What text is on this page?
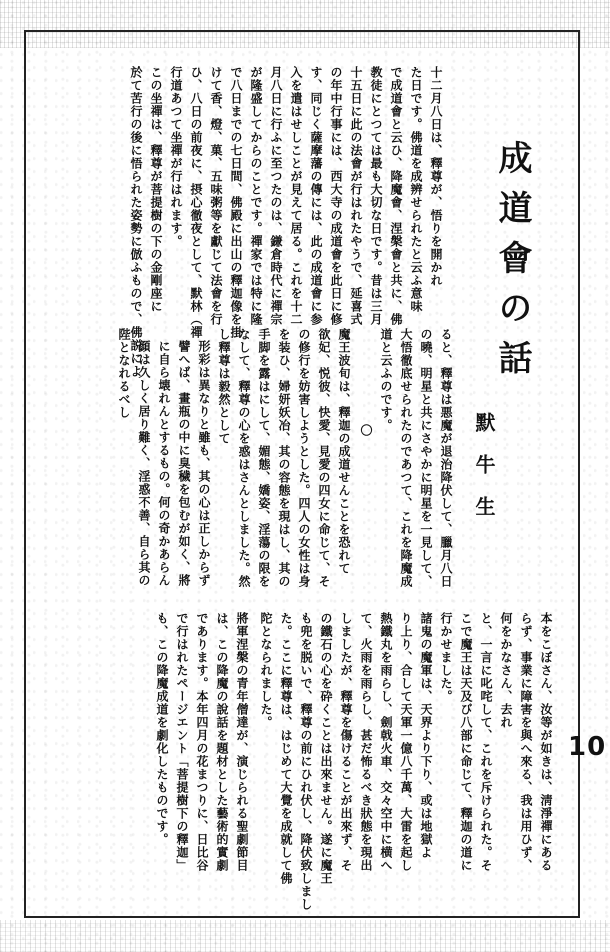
成道會の話
默牛生
10
十二月八日は、釋尊が、悟りを開かれ
た日です。佛道を成辨せられたと云ふ意味
で成道會と云ひ、降魔會、涅槃會と共に、佛
教徒にとつては最も大切な日です。昔は三月
十五日に此の法會が行はれたやうで、延喜式
の年中行事には、西大寺の成道會を此日に修
す、同じく薩摩藩の傳には、此の成道會に参
入を遣はせしことが見えて居る。これを十二
月八日に行ふに至つたのは、鎌倉時代に禪宗
が隆盛してからのことです。禪家では特に隆
で八日までの七日間、佛殿に出山の釋迦像を掛
けて香、燈、菓、五味粥等を獻じて法會を行
ひ、八日の前夜に、摂心徹夜として、默林（禪
行道あつて坐禪が行はれます。
この坐禪は、釋尊が菩提樹の下の金剛座に
於て苦行の後に悟られた姿勢に倣ふもので、佛説によ
ると、釋尊は悪魔が退治降伏して、臘月八日
の曉、明星と共にさやかに明星を一見して、
大悟徹底せられたのであつて、これを降魔成
道と云ふのです。
〇
魔王波旬は、釋迦の成道せんことを恐れて
欲妃、悦彼、快愛、見愛の四女に命じて、そ
の修行を妨害しようとした。四人の女性は身
を装ひ、婦妍妖冶、其の容態を現はし、其の
手脚を露はにして、媚態、嬌姿、淫蕩の限を
なして、釋尊の心を惑はさんとしました。然
し釋尊は毅然として
形彩は異なりと雖も、其の心は正しからず
譬へば、畫瓶の中に臭穢を包むが如く、將
に自ら壊れんとするもの。何の奇かあらん
顔は久しく居り難く、淫惑不善、自ら其の
陛となれるべし
本をこぼさん、汝等が如きは、淸淨禪にある
らず、事業に障害を與へ來る、我は用ひず、
何をかなさん、去れ
と、一言に叱咤して、これを斥けられた。そ
こで魔王は天及び八部に命じて、釋迦の道に
行かせました。
諸鬼の魔軍は、天界より下り、或は地獄よ
り上り、合して天軍一億八千萬、大雷を起し
熱鐵丸を雨らし、劍戟火車、交々空中に横へ
て、火雨を雨らし、甚だ怖るべき狀態を現出
しましたが、釋尊を傷けることが出來ず、そ
の鐵石の心を砕くことは出來ません。遂に魔王
も兜を脱いで、釋尊の前にひれ伏し、降伏致しまし
た。ここに釋尊は、はじめて大覺を成就して佛
陀となられました。
將軍涅槃の青年僧達が、演じられる聖劇節目
は、この降魔の說話を題材とした藝術的實劇
であります。本年四月の花まつりに、日比谷
で行はれたページエント「菩提樹下の釋迦」
も、この降魔成道を劇化したものです。
